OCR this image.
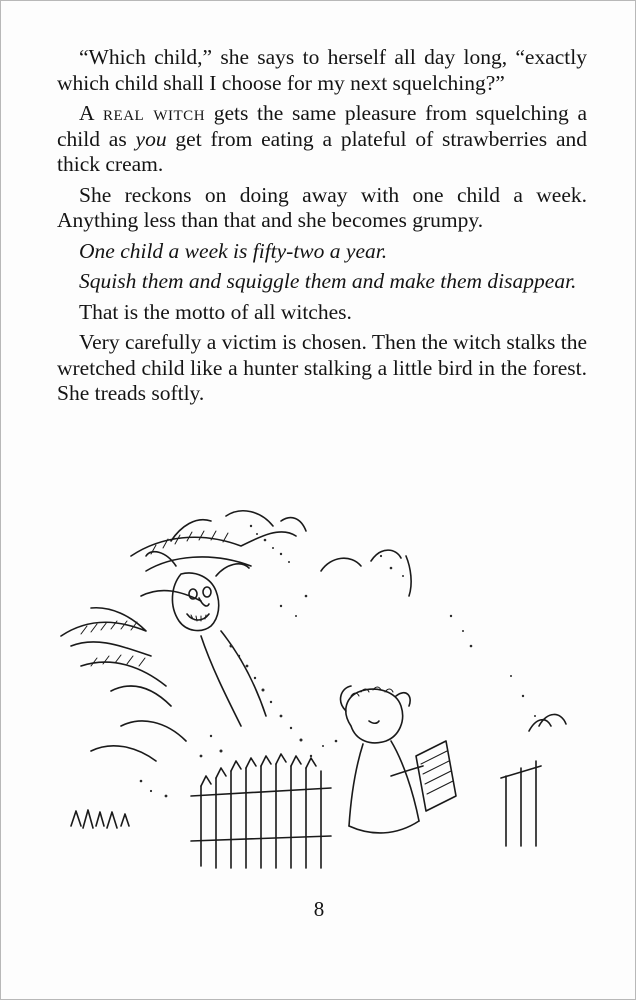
“Which child,” she says to herself all day long, “exactly which child shall I choose for my next squelching?”

A real witch gets the same pleasure from squelching a child as you get from eating a plateful of strawberries and thick cream.

She reckons on doing away with one child a week. Anything less than that and she becomes grumpy.

One child a week is fifty-two a year.

Squish them and squiggle them and make them disappear.

That is the motto of all witches.

Very carefully a victim is chosen. Then the witch stalks the wretched child like a hunter stalking a little bird in the forest. She treads softly.

8
